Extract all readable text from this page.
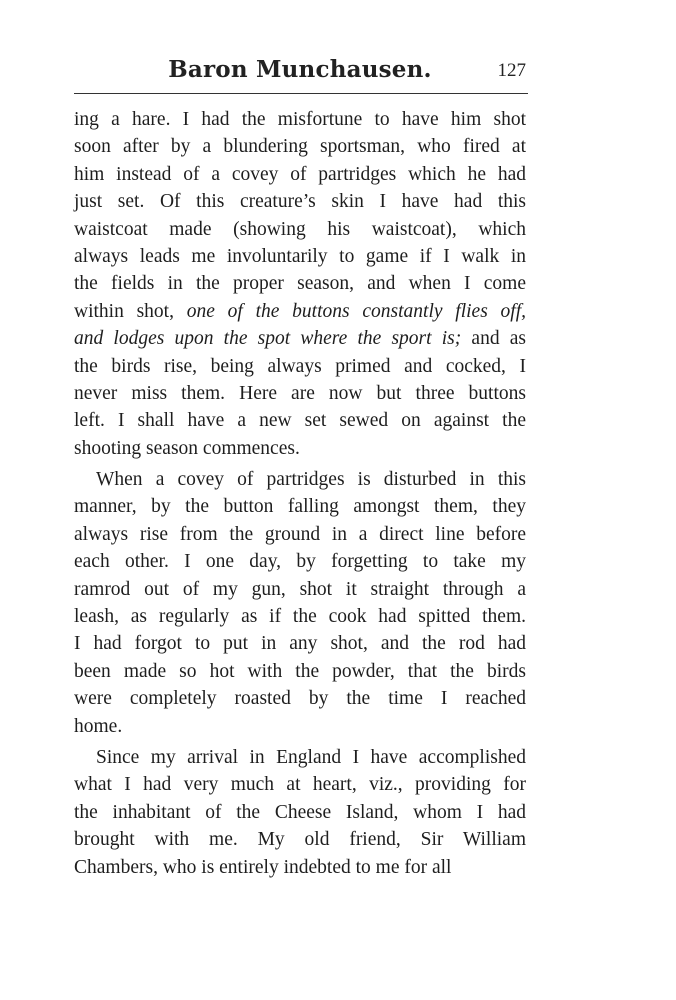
Baron Munchausen.	127
ing a hare. I had the misfortune to have him shot
soon after by a blundering sportsman, who fired at
him instead of a covey of partridges which he had
just set. Of this creature’s skin I have had this
waistcoat made (showing his waistcoat), which
always leads me involuntarily to game if I walk in
the fields in the proper season, and when I come
within shot, one of the buttons constantly flies off,
and lodges upon the spot where the sport is; and as
the birds rise, being always primed and cocked, I
never miss them. Here are now but three buttons
left. I shall have a new set sewed on against the
shooting season commences.
When a covey of partridges is disturbed in this
manner, by the button falling amongst them, they
always rise from the ground in a direct line before
each other. I one day, by forgetting to take my
ramrod out of my gun, shot it straight through a
leash, as regularly as if the cook had spitted them.
I had forgot to put in any shot, and the rod had
been made so hot with the powder, that the birds
were completely roasted by the time I reached
home.
Since my arrival in England I have accomplished
what I had very much at heart, viz., providing for
the inhabitant of the Cheese Island, whom I had
brought with me. My old friend, Sir William
Chambers, who is entirely indebted to me for all
